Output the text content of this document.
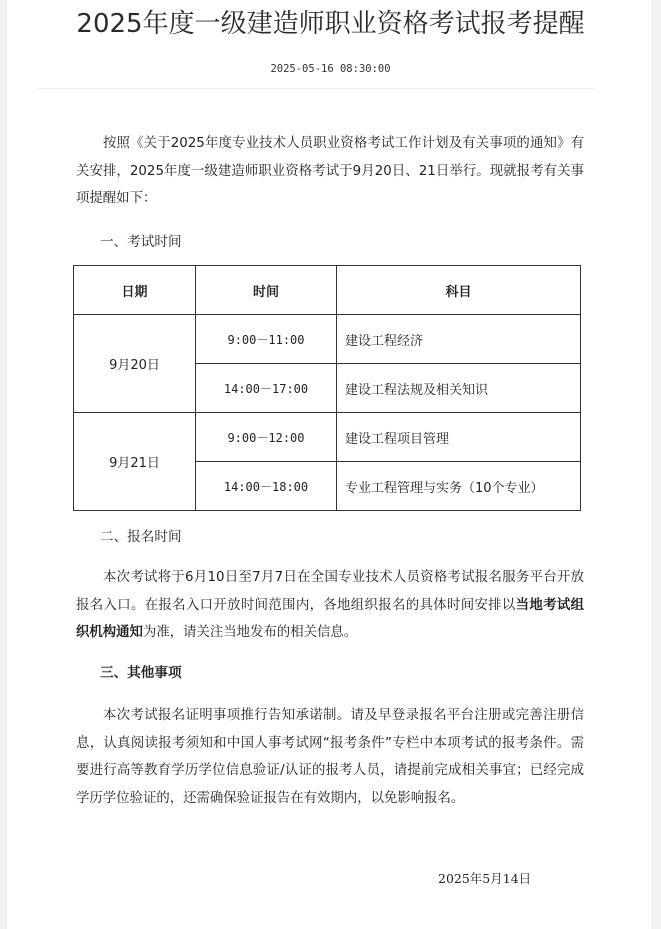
2025年度一级建造师职业资格考试报考提醒
2025-05-16 08:30:00
按照《关于2025年度专业技术人员职业资格考试工作计划及有关事项的通知》有关安排，2025年度一级建造师职业资格考试于9月20日、21日举行。现就报考有关事项提醒如下：
一、考试时间
日期	时间	科目
9月20日	9:00－11:00	建设工程经济
	14:00－17:00	建设工程法规及相关知识
9月21日	9:00－12:00	建设工程项目管理
	14:00－18:00	专业工程管理与实务（10个专业）
二、报名时间
本次考试将于6月10日至7月7日在全国专业技术人员资格考试报名服务平台开放报名入口。在报名入口开放时间范围内，各地组织报名的具体时间安排以当地考试组织机构通知为准，请关注当地发布的相关信息。
三、其他事项
本次考试报名证明事项推行告知承诺制。请及早登录报名平台注册或完善注册信息，认真阅读报考须知和中国人事考试网“报考条件”专栏中本项考试的报考条件。需要进行高等教育学历学位信息验证/认证的报考人员，请提前完成相关事宜；已经完成学历学位验证的，还需确保验证报告在有效期内，以免影响报名。
2025年5月14日
